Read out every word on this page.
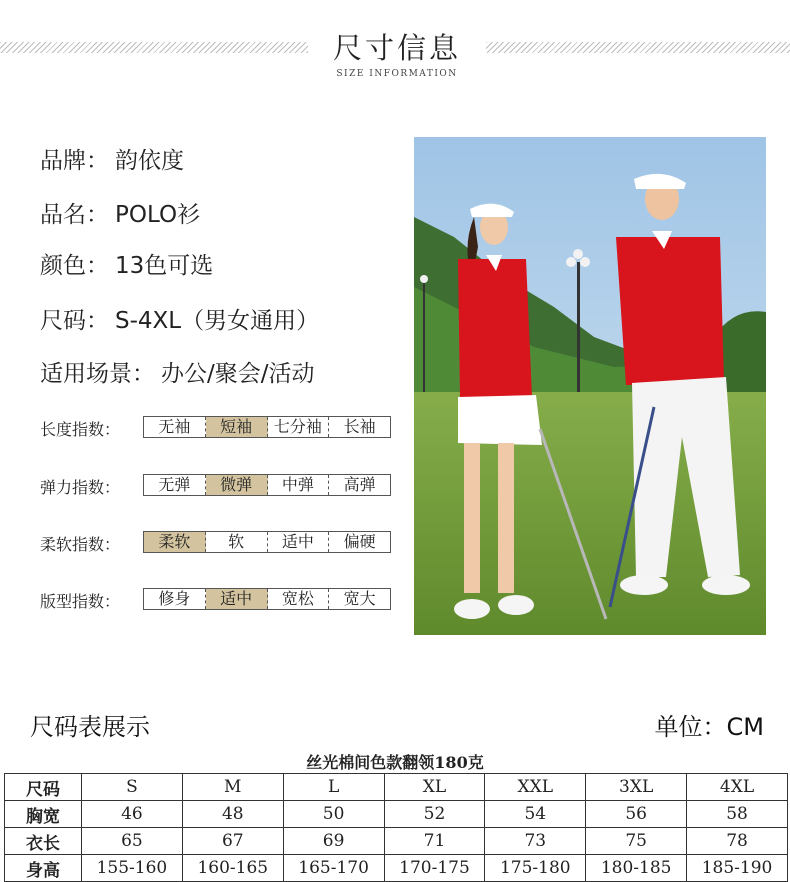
尺寸信息
SIZE INFORMATION
品牌： 韵依度
品名： POLO衫
颜色： 13色可选
尺码： S-4XL（男女通用）
适用场景： 办公/聚会/活动
长度指数：	无袖	短袖	七分袖	长袖
弹力指数：	无弹	微弹	中弹	高弹
柔软指数：	柔软	软	适中	偏硬
版型指数：	修身	适中	宽松	宽大
尺码表展示	单位：CM
丝光棉间色款翻领180克
尺码	S	M	L	XL	XXL	3XL	4XL
胸宽	46	48	50	52	54	56	58
衣长	65	67	69	71	73	75	78
身高	155-160	160-165	165-170	170-175	175-180	180-185	185-190
